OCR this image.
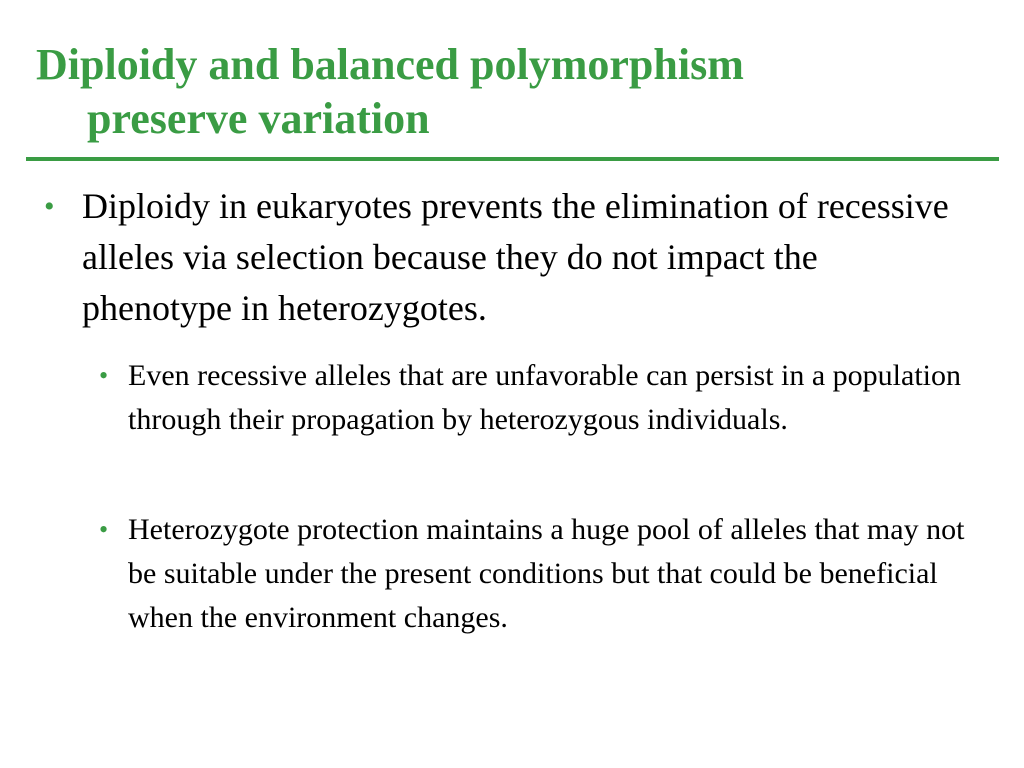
Diploidy and balanced polymorphism
preserve variation
• Diploidy in eukaryotes prevents the elimination of recessive alleles via selection because they do not impact the phenotype in heterozygotes.
• Even recessive alleles that are unfavorable can persist in a population through their propagation by heterozygous individuals.
• Heterozygote protection maintains a huge pool of alleles that may not be suitable under the present conditions but that could be beneficial when the environment changes.
